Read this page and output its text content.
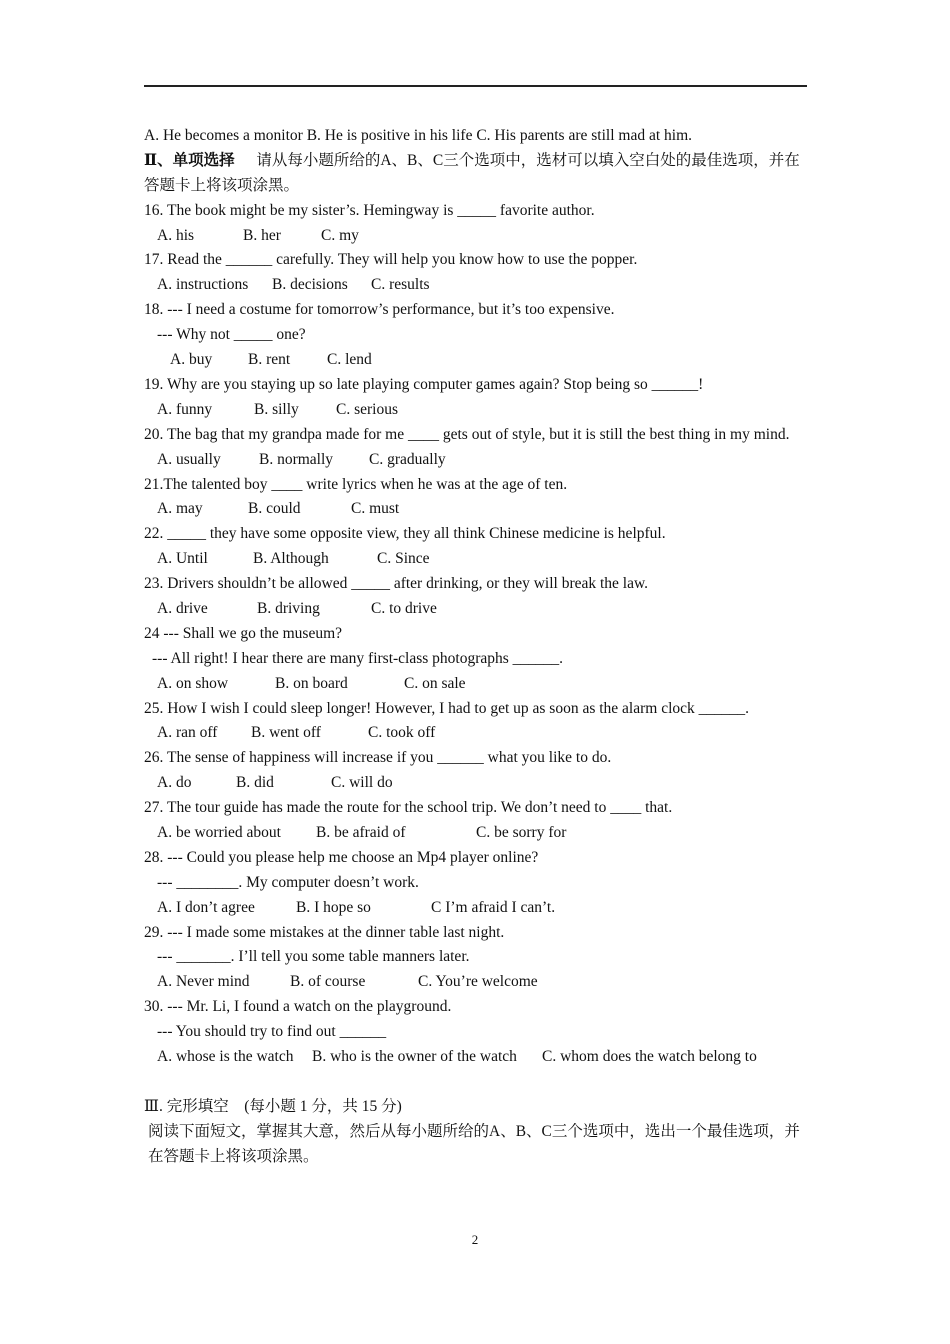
A. He becomes a monitor B. He is positive in his life C. His parents are still mad at him.
Ⅱ、单项选择 请从每小题所给的A、B、C三个选项中，选材可以填入空白处的最佳选项，并在答题卡上将该项涂黑。
16. The book might be my sister’s. Hemingway is _____ favorite author.
A. his	B. her	C. my
17. Read the ______ carefully. They will help you know how to use the popper.
A. instructions B. decisions C. results
18. --- I need a costume for tomorrow’s performance, but it’s too expensive.
--- Why not _____ one?
A. buy B. rent C. lend
19. Why are you staying up so late playing computer games again? Stop being so ______!
A. funny	B. silly C. serious
20. The bag that my grandpa made for me ____ gets out of style, but it is still the best thing in my mind.
A. usually B. normally C. gradually
21.The talented boy ____ write lyrics when he was at the age of ten.
A. may	B. could	C. must
22. _____ they have some opposite view, they all think Chinese medicine is helpful.
A. Until	B. Although	C. Since
23. Drivers shouldn’t be allowed _____ after drinking, or they will break the law.
A. drive	B. driving	C. to drive
24 --- Shall we go the museum?
--- All right! I hear there are many first-class photographs ______.
A. on show	B. on board	C. on sale
25. How I wish I could sleep longer! However, I had to get up as soon as the alarm clock ______.
A. ran off B. went off	C. took off
26. The sense of happiness will increase if you ______ what you like to do.
A. do	B. did	C. will do
27. The tour guide has made the route for the school trip. We don’t need to ____ that.
A. be worried about B. be afraid of	C. be sorry for
28. --- Could you please help me choose an Mp4 player online?
--- ________. My computer doesn’t work.
A. I don’t agree	B. I hope so	C I’m afraid I can’t.
29. --- I made some mistakes at the dinner table last night.
--- _______. I’ll tell you some table manners later.
A. Never mind	B. of course	C. You’re welcome
30. --- Mr. Li, I found a watch on the playground.
--- You should try to find out ______
A. whose is the watch B. who is the owner of the watch C. whom does the watch belong to
Ⅲ. 完形填空　(每小题 1 分，共 15 分)
阅读下面短文，掌握其大意，然后从每小题所给的A、B、C三个选项中，选出一个最佳选项，并在答题卡上将该项涂黑。
2
